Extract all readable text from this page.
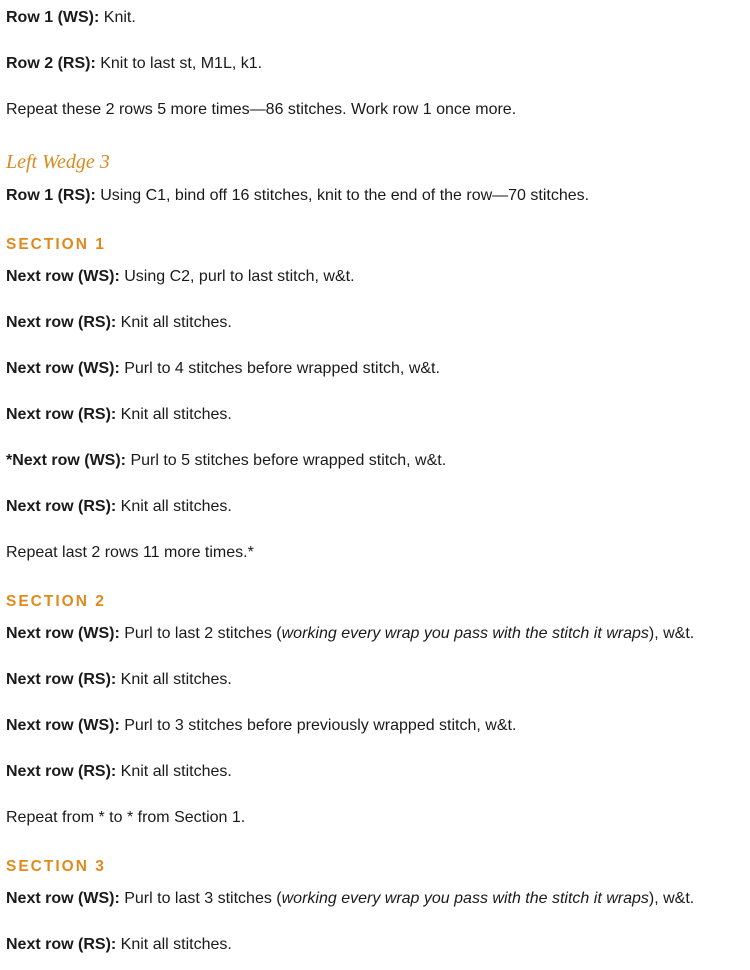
Row 1 (WS): Knit.
Row 2 (RS): Knit to last st, M1L, k1.
Repeat these 2 rows 5 more times—86 stitches. Work row 1 once more.
Left Wedge 3
Row 1 (RS): Using C1, bind off 16 stitches, knit to the end of the row—70 stitches.
SECTION 1
Next row (WS): Using C2, purl to last stitch, w&t.
Next row (RS): Knit all stitches.
Next row (WS): Purl to 4 stitches before wrapped stitch, w&t.
Next row (RS): Knit all stitches.
*Next row (WS): Purl to 5 stitches before wrapped stitch, w&t.
Next row (RS): Knit all stitches.
Repeat last 2 rows 11 more times.*
SECTION 2
Next row (WS): Purl to last 2 stitches (working every wrap you pass with the stitch it wraps), w&t.
Next row (RS): Knit all stitches.
Next row (WS): Purl to 3 stitches before previously wrapped stitch, w&t.
Next row (RS): Knit all stitches.
Repeat from * to * from Section 1.
SECTION 3
Next row (WS): Purl to last 3 stitches (working every wrap you pass with the stitch it wraps), w&t.
Next row (RS): Knit all stitches.
